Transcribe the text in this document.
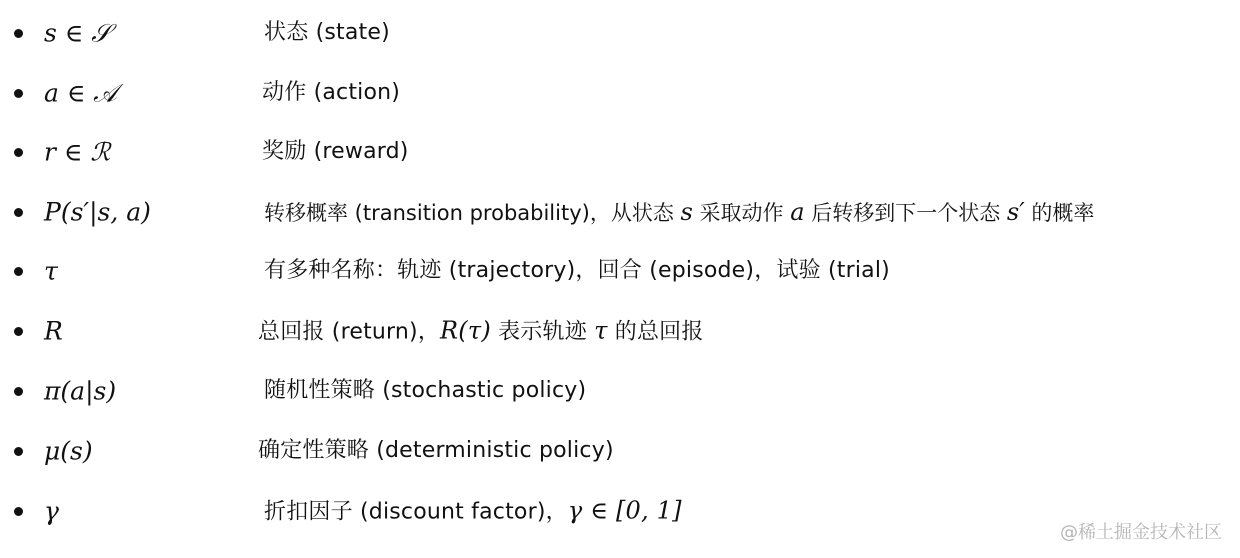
s ∈ 𝒮	状态 (state)
a ∈ 𝒜	动作 (action)
r ∈ ℛ	奖励 (reward)
P(s′|s, a)	转移概率 (transition probability)，从状态 s 采取动作 a 后转移到下一个状态 s′ 的概率
τ	有多种名称：轨迹 (trajectory)，回合 (episode)，试验 (trial)
R	总回报 (return)，R(τ) 表示轨迹 τ 的总回报
π(a|s)	随机性策略 (stochastic policy)
μ(s)	确定性策略 (deterministic policy)
γ	折扣因子 (discount factor)，γ ∈ [0, 1]
@稀土掘金技术社区
